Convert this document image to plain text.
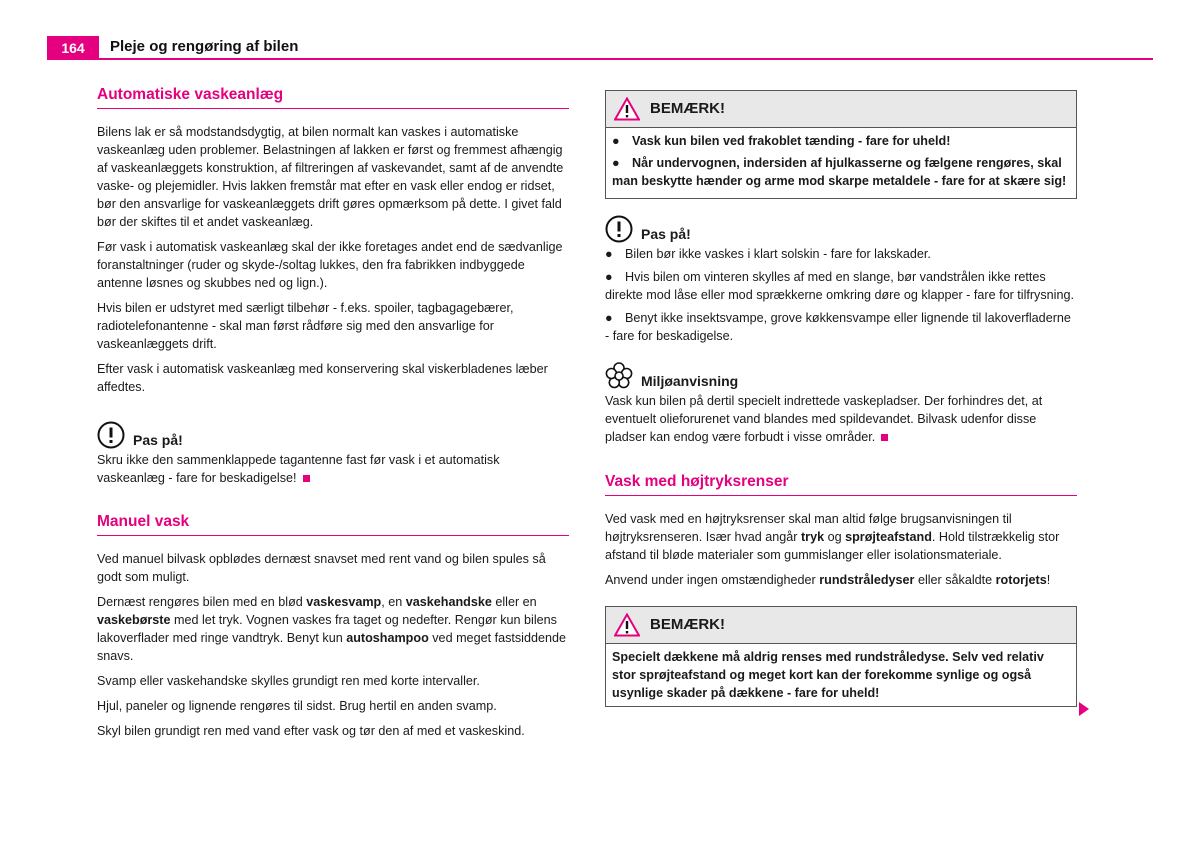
164	Pleje og rengøring af bilen
Automatiske vaskeanlæg

Bilens lak er så modstandsdygtig, at bilen normalt kan vaskes i automatiske vaskeanlæg uden problemer. Belastningen af lakken er først og fremmest afhængig af vaskeanlæggets konstruktion, af filtreringen af vaskevandet, samt af de anvendte vaske- og plejemidler. Hvis lakken fremstår mat efter en vask eller endog er ridset, bør den ansvarlige for vaskeanlæggets drift gøres opmærksom på dette. I givet fald bør der skiftes til et andet vaskeanlæg.

Før vask i automatisk vaskeanlæg skal der ikke foretages andet end de sædvanlige foranstaltninger (ruder og skyde-/soltag lukkes, den fra fabrikken indbyggede antenne løsnes og skubbes ned og lign.).

Hvis bilen er udstyret med særligt tilbehør - f.eks. spoiler, tagbagagebærer, radiotelefonantenne - skal man først rådføre sig med den ansvarlige for vaskeanlæggets drift.

Efter vask i automatisk vaskeanlæg med konservering skal viskerbladenes læber affedtes.

Pas på!

Skru ikke den sammenklappede tagantenne fast før vask i et automatisk vaskeanlæg - fare for beskadigelse!

Manuel vask

Ved manuel bilvask opblødes dernæst snavset med rent vand og bilen spules så godt som muligt.

Dernæst rengøres bilen med en blød vaskesvamp, en vaskehandske eller en vaskebørste med let tryk. Vognen vaskes fra taget og nedefter. Rengør kun bilens lakoverflader med ringe vandtryk. Benyt kun autoshampoo ved meget fastsiddende snavs.

Svamp eller vaskehandske skylles grundigt ren med korte intervaller.

Hjul, paneler og lignende rengøres til sidst. Brug hertil en anden svamp.

Skyl bilen grundigt ren med vand efter vask og tør den af med et vaskeskind.

BEMÆRK!
● Vask kun bilen ved frakoblet tænding - fare for uheld!
● Når undervognen, indersiden af hjulkasserne og fælgene rengøres, skal man beskytte hænder og arme mod skarpe metaldele - fare for at skære sig!
Pas på!
● Bilen bør ikke vaskes i klart solskin - fare for lakskader.
● Hvis bilen om vinteren skylles af med en slange, bør vandstrålen ikke rettes direkte mod låse eller mod sprækkerne omkring døre og klapper - fare for tilfrysning.
● Benyt ikke insektsvampe, grove køkkensvampe eller lignende til lakoverfladerne - fare for beskadigelse.
Miljøanvisning

Vask kun bilen på dertil specielt indrettede vaskepladser. Der forhindres det, at eventuelt olieforurenet vand blandes med spildevandet. Bilvask udenfor disse pladser kan endog være forbudt i visse områder.

Vask med højtryksrenser

Ved vask med en højtryksrenser skal man altid følge brugsanvisningen til højtryksrenseren. Især hvad angår tryk og sprøjteafstand. Hold tilstrækkelig stor afstand til bløde materialer som gummislanger eller isolationsmateriale.

Anvend under ingen omstændigheder rundstråledyser eller såkaldte rotorjets!

BEMÆRK!
Specielt dækkene må aldrig renses med rundstråledyse. Selv ved relativ stor sprøjteafstand og meget kort kan der forekomme synlige og også usynlige skader på dækkene - fare for uheld!
